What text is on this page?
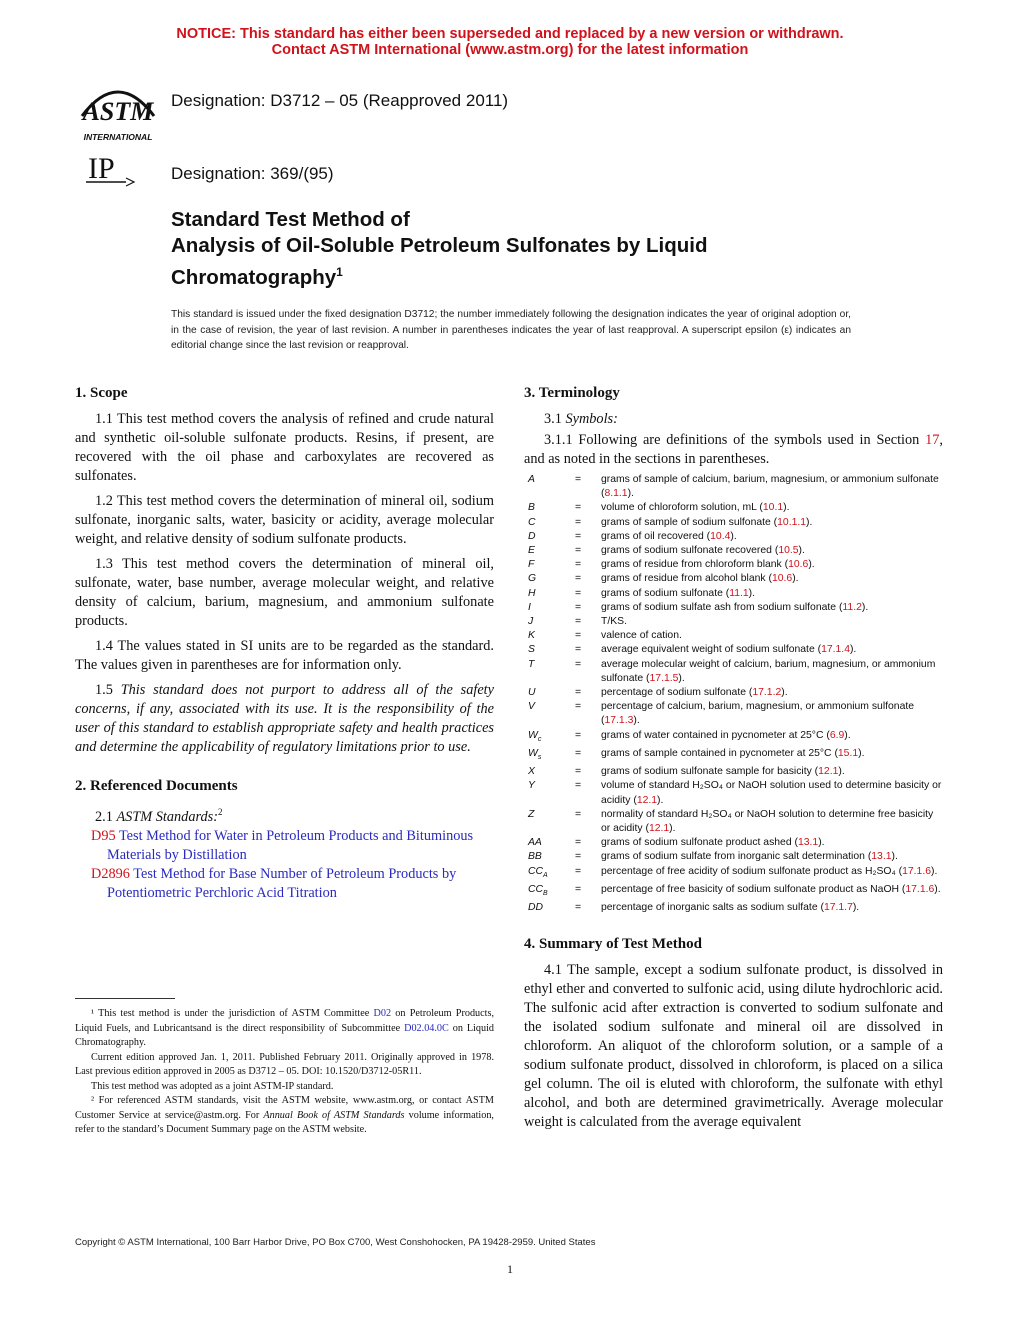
NOTICE: This standard has either been superseded and replaced by a new version or withdrawn.
Contact ASTM International (www.astm.org) for the latest information
ASTM
INTERNATIONAL
IP
Designation: D3712 – 05 (Reapproved 2011)
Designation: 369/(95)
Standard Test Method of
Analysis of Oil-Soluble Petroleum Sulfonates by Liquid
Chromatography$^1$
This standard is issued under the fixed designation D3712; the number immediately following the designation indicates the year of original adoption or, in the case of revision, the year of last revision. A number in parentheses indicates the year of last reapproval. A superscript epsilon (ε) indicates an editorial change since the last revision or reapproval.
1. Scope

1.1 This test method covers the analysis of refined and crude natural and synthetic oil-soluble sulfonate products. Resins, if present, are recovered with the oil phase and carboxylates are recovered as sulfonates.

1.2 This test method covers the determination of mineral oil, sodium sulfonate, inorganic salts, water, basicity or acidity, average molecular weight, and relative density of sodium sulfonate products.

1.3 This test method covers the determination of mineral oil, sulfonate, water, base number, average molecular weight, and relative density of calcium, barium, magnesium, and ammonium sulfonate products.

1.4 The values stated in SI units are to be regarded as the standard. The values given in parentheses are for information only.

1.5 This standard does not purport to address all of the safety concerns, if any, associated with its use. It is the responsibility of the user of this standard to establish appropriate safety and health practices and determine the applicability of regulatory limitations prior to use.

2. Referenced Documents

2.1 ASTM Standards:$^2$

D95 Test Method for Water in Petroleum Products and Bituminous Materials by Distillation

D2896 Test Method for Base Number of Petroleum Products by Potentiometric Perchloric Acid Titration

3. Terminology

3.1 Symbols:

3.1.1 Following are definitions of the symbols used in Section 17, and as noted in the sections in parentheses.

A	=	grams of sample of calcium, barium, magnesium, or ammonium sulfonate (8.1.1).
B	=	volume of chloroform solution, mL (10.1).
C	=	grams of sample of sodium sulfonate (10.1.1).
D	=	grams of oil recovered (10.4).
E	=	grams of sodium sulfonate recovered (10.5).
F	=	grams of residue from chloroform blank (10.6).
G	=	grams of residue from alcohol blank (10.6).
H	=	grams of sodium sulfonate (11.1).
I	=	grams of sodium sulfate ash from sodium sulfonate (11.2).
J	=	T/KS.
K	=	valence of cation.
S	=	average equivalent weight of sodium sulfonate (17.1.4).
T	=	average molecular weight of calcium, barium, magnesium, or ammonium sulfonate (17.1.5).
U	=	percentage of sodium sulfonate (17.1.2).
V	=	percentage of calcium, barium, magnesium, or ammonium sulfonate (17.1.3).
$W_c$	=	grams of water contained in pycnometer at 25°C (6.9).
$W_s$	=	grams of sample contained in pycnometer at 25°C (15.1).
X	=	grams of sodium sulfonate sample for basicity (12.1).
Y	=	volume of standard H₂SO₄ or NaOH solution used to determine basicity or acidity (12.1).
Z	=	normality of standard H₂SO₄ or NaOH solution to determine free basicity or acidity (12.1).
AA	=	grams of sodium sulfonate product ashed (13.1).
BB	=	grams of sodium sulfate from inorganic salt determination (13.1).
$CC_A$	=	percentage of free acidity of sodium sulfonate product as H₂SO₄ (17.1.6).
$CC_B$	=	percentage of free basicity of sodium sulfonate product as NaOH (17.1.6).
DD	=	percentage of inorganic salts as sodium sulfate (17.1.7).
4. Summary of Test Method

4.1 The sample, except a sodium sulfonate product, is dissolved in ethyl ether and converted to sulfonic acid, using dilute hydrochloric acid. The sulfonic acid after extraction is converted to sodium sulfonate and the isolated sodium sulfonate and mineral oil are dissolved in chloroform. An aliquot of the chloroform solution, or a sample of a sodium sulfonate product, dissolved in chloroform, is placed on a silica gel column. The oil is eluted with chloroform, the sulfonate with ethyl alcohol, and both are determined gravimetrically. Average molecular weight is calculated from the average equivalent

¹ This test method is under the jurisdiction of ASTM Committee D02 on Petroleum Products, Liquid Fuels, and Lubricantsand is the direct responsibility of Subcommittee D02.04.0C on Liquid Chromatography.

Current edition approved Jan. 1, 2011. Published February 2011. Originally approved in 1978. Last previous edition approved in 2005 as D3712 – 05. DOI: 10.1520/D3712-05R11.

This test method was adopted as a joint ASTM-IP standard.

² For referenced ASTM standards, visit the ASTM website, www.astm.org, or contact ASTM Customer Service at service@astm.org. For Annual Book of ASTM Standards volume information, refer to the standard’s Document Summary page on the ASTM website.

Copyright © ASTM International, 100 Barr Harbor Drive, PO Box C700, West Conshohocken, PA 19428-2959. United States
1
